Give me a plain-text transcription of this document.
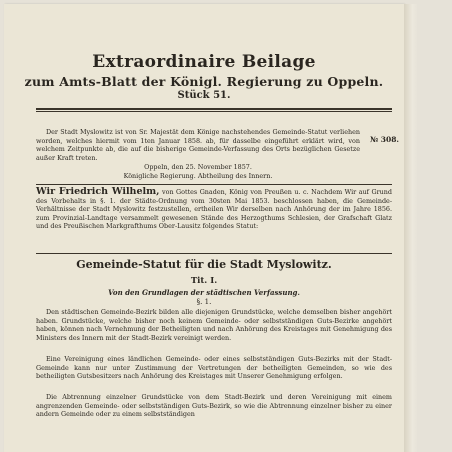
Extraordinaire Beilage
zum Amts-Blatt der Königl. Regierung zu Oppeln.
Stück 51.
№ 308.
Der Stadt Myslowitz ist von Sr. Majestät dem Könige nachstehendes Gemeinde-Statut verliehen worden, welches hiermit vom 1ten Januar 1858. ab, für dasselbe eingeführt erklärt wird, von welchem Zeitpunkte ab, die auf die bisherige Gemeinde-Verfassung des Orts bezüglichen Gesetze außer Kraft treten.
Oppeln, den 25. November 1857.
Königliche Regierung. Abtheilung des Innern.
Wir Friedrich Wilhelm, von Gottes Gnaden, König von Preußen u. c. Nachdem Wir auf Grund des Vorbehalts in §. 1. der Städte-Ordnung vom 30sten Mai 1853. beschlossen haben, die Gemeinde-Verhältnisse der Stadt Myslowitz festzustellen, ertheilen Wir derselben nach Anhörung der im Jahre 1856. zum Provinzial-Landtage versammelt gewesenen Stände des Herzogthums Schlesien, der Grafschaft Glatz und des Preußischen Markgrafthums Ober-Lausitz folgendes Statut:
Gemeinde-Statut für die Stadt Myslowitz.
Tit. I.
Von den Grundlagen der städtischen Verfassung.
§. 1.
Den städtischen Gemeinde-Bezirk bilden alle diejenigen Grundstücke, welche demselben bisher angehört haben. Grundstücke, welche bisher noch keinem Gemeinde- oder selbstständigen Guts-Bezirke angehört haben, können nach Vernehmung der Betheiligten und nach Anhörung des Kreistages mit Genehmigung des Ministers des Innern mit der Stadt-Bezirk vereinigt werden.
Eine Vereinigung eines ländlichen Gemeinde- oder eines selbstständigen Guts-Bezirks mit der Stadt-Gemeinde kann nur unter Zustimmung der Vertretungen der betheiligten Gemeinden, so wie des betheiligten Gutsbesitzers nach Anhörung des Kreistages mit Unserer Genehmigung erfolgen.
Die Abtrennung einzelner Grundstücke von dem Stadt-Bezirk und deren Vereinigung mit einem angrenzenden Gemeinde- oder selbstständigen Guts-Bezirk, so wie die Abtrennung einzelner bisher zu einer andern Gemeinde oder zu einem selbstständigen
